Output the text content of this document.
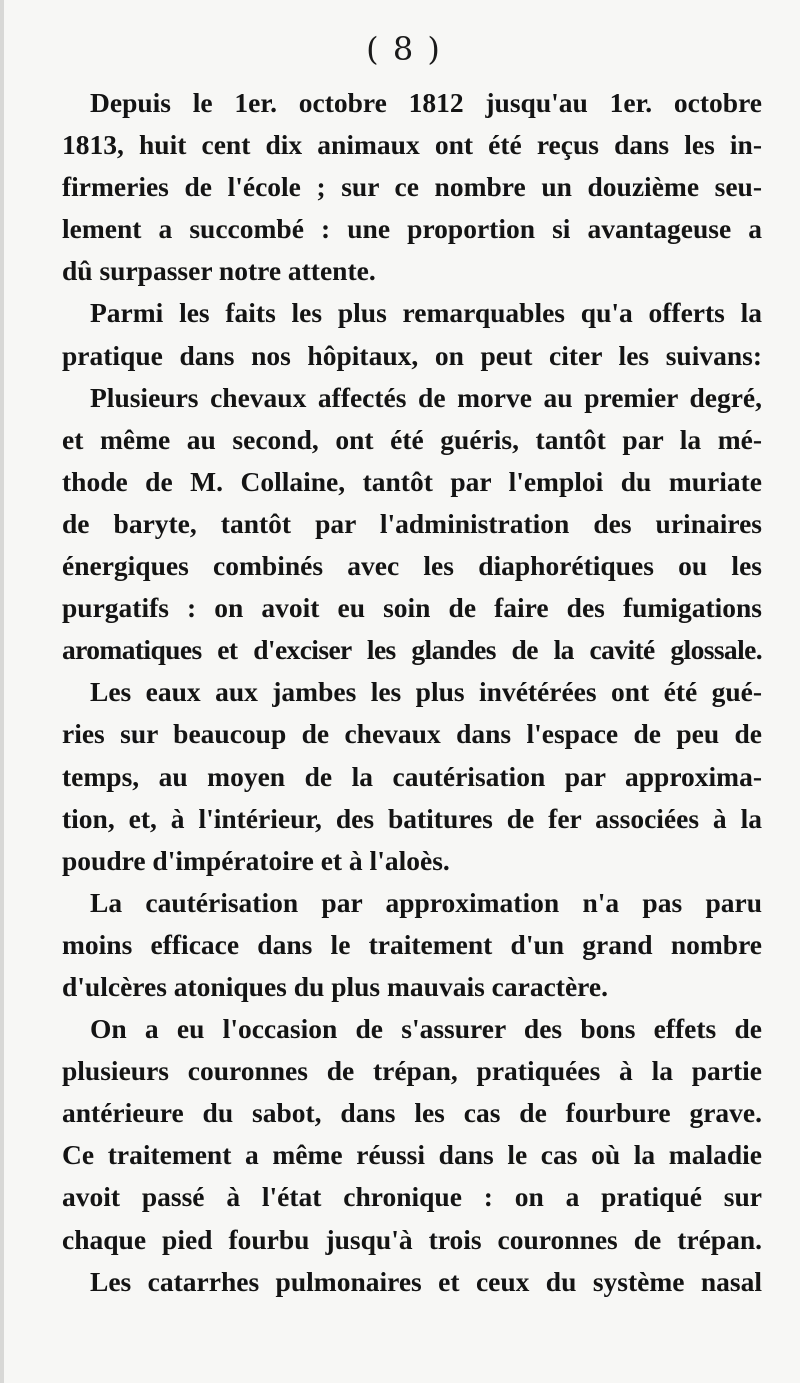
( 8 )
Depuis le 1er. octobre 1812 jusqu'au 1er. octobre
1813, huit cent dix animaux ont été reçus dans les in-
firmeries de l'école ; sur ce nombre un douzième seu-
lement a succombé : une proportion si avantageuse a
dû surpasser notre attente.
Parmi les faits les plus remarquables qu'a offerts la
pratique dans nos hôpitaux, on peut citer les suivans:
Plusieurs chevaux affectés de morve au premier degré,
et même au second, ont été guéris, tantôt par la mé-
thode de M. Collaine, tantôt par l'emploi du muriate
de baryte, tantôt par l'administration des urinaires
énergiques combinés avec les diaphorétiques ou les
purgatifs : on avoit eu soin de faire des fumigations
aromatiques et d'exciser les glandes de la cavité glossale.
Les eaux aux jambes les plus invétérées ont été gué-
ries sur beaucoup de chevaux dans l'espace de peu de
temps, au moyen de la cautérisation par approxima-
tion, et, à l'intérieur, des batitures de fer associées à la
poudre d'impératoire et à l'aloès.
La cautérisation par approximation n'a pas paru
moins efficace dans le traitement d'un grand nombre
d'ulcères atoniques du plus mauvais caractère.
On a eu l'occasion de s'assurer des bons effets de
plusieurs couronnes de trépan, pratiquées à la partie
antérieure du sabot, dans les cas de fourbure grave.
Ce traitement a même réussi dans le cas où la maladie
avoit passé à l'état chronique : on a pratiqué sur
chaque pied fourbu jusqu'à trois couronnes de trépan.
Les catarrhes pulmonaires et ceux du système nasal
